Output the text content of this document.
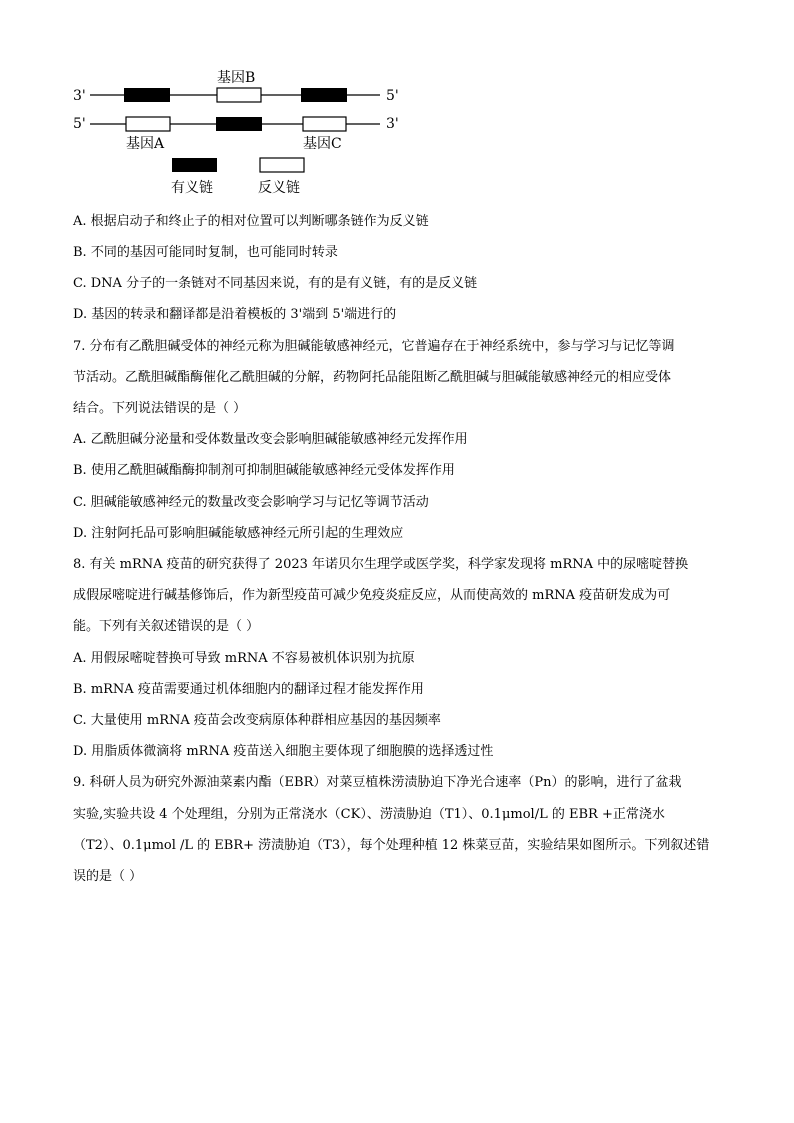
3'	5'
基因B
5'	3'
基因A	基因C
有义链	反义链
A. 根据启动子和终止子的相对位置可以判断哪条链作为反义链
B. 不同的基因可能同时复制，也可能同时转录
C. DNA 分子的一条链对不同基因来说，有的是有义链，有的是反义链
D. 基因的转录和翻译都是沿着模板的 3'端到 5'端进行的
7. 分布有乙酰胆碱受体的神经元称为胆碱能敏感神经元，它普遍存在于神经系统中，参与学习与记忆等调
节活动。乙酰胆碱酯酶催化乙酰胆碱的分解，药物阿托品能阻断乙酰胆碱与胆碱能敏感神经元的相应受体
结合。下列说法错误的是（ ）
A. 乙酰胆碱分泌量和受体数量改变会影响胆碱能敏感神经元发挥作用
B. 使用乙酰胆碱酯酶抑制剂可抑制胆碱能敏感神经元受体发挥作用
C. 胆碱能敏感神经元的数量改变会影响学习与记忆等调节活动
D. 注射阿托品可影响胆碱能敏感神经元所引起的生理效应
8. 有关 mRNA 疫苗的研究获得了 2023 年诺贝尔生理学或医学奖，科学家发现将 mRNA 中的尿嘧啶替换
成假尿嘧啶进行碱基修饰后，作为新型疫苗可减少免疫炎症反应，从而使高效的 mRNA 疫苗研发成为可
能。下列有关叙述错误的是（ ）
A. 用假尿嘧啶替换可导致 mRNA 不容易被机体识别为抗原
B. mRNA 疫苗需要通过机体细胞内的翻译过程才能发挥作用
C. 大量使用 mRNA 疫苗会改变病原体种群相应基因的基因频率
D. 用脂质体微滴将 mRNA 疫苗送入细胞主要体现了细胞膜的选择透过性
9. 科研人员为研究外源油菜素内酯（EBR）对菜豆植株涝渍胁迫下净光合速率（Pn）的影响，进行了盆栽
实验,实验共设 4 个处理组，分别为正常浇水（CK）、涝渍胁迫（T1）、0.1μmol/L 的 EBR +正常浇水
（T2）、0.1μmol /L 的 EBR+ 涝渍胁迫（T3），每个处理种植 12 株菜豆苗，实验结果如图所示。下列叙述错
误的是（ ）
